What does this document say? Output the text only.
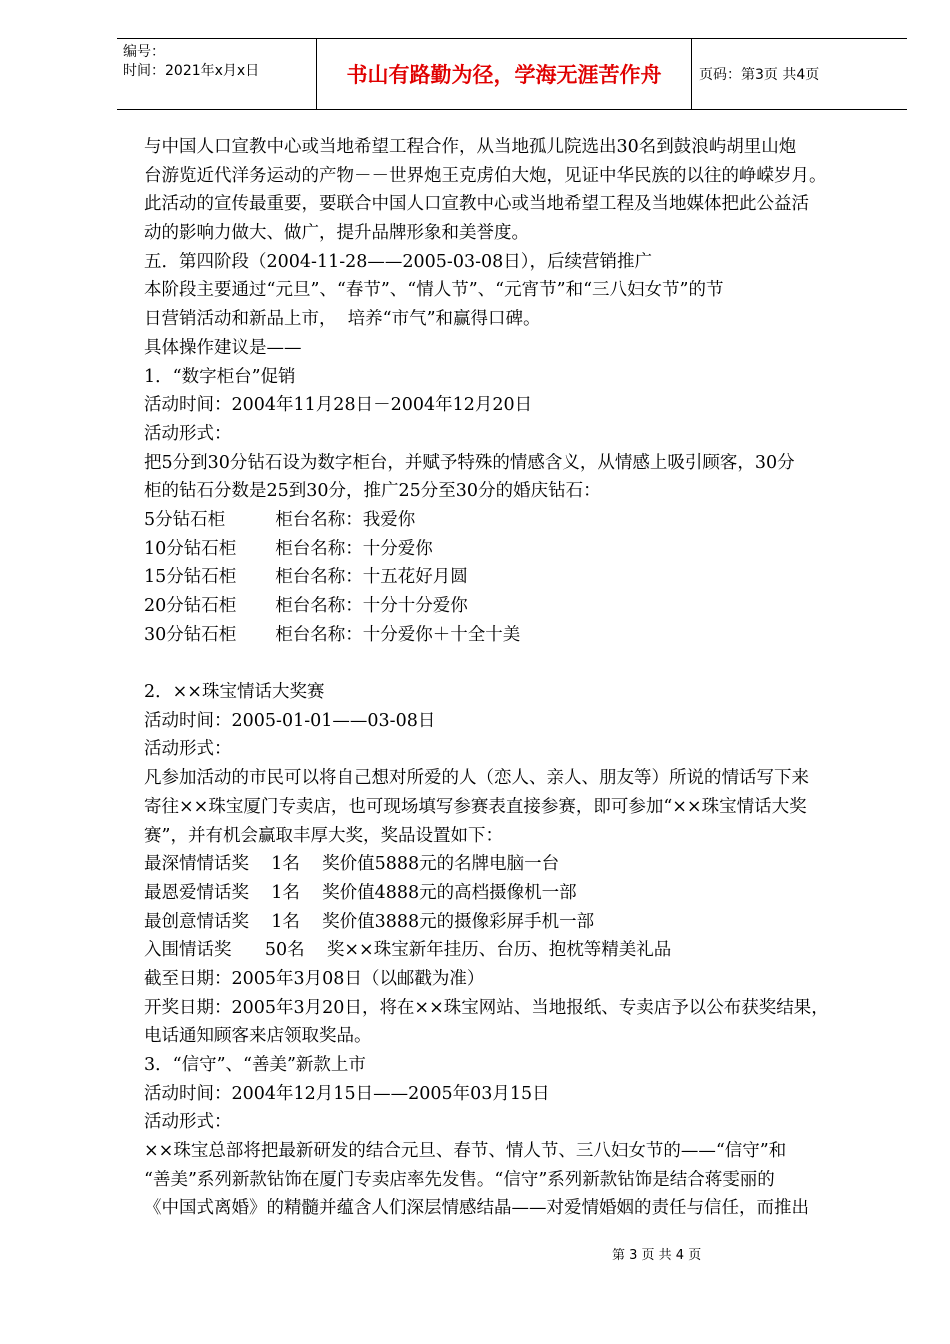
编号：
时间：2021年x月x日	书山有路勤为径，学海无涯苦作舟	页码：第3页 共4页
与中国人口宣教中心或当地希望工程合作，从当地孤儿院选出30名到鼓浪屿胡里山炮
台游览近代洋务运动的产物－－世界炮王克虏伯大炮，见证中华民族的以往的峥嵘岁月。
此活动的宣传最重要，要联合中国人口宣教中心或当地希望工程及当地媒体把此公益活
动的影响力做大、做广，提升品牌形象和美誉度。
五．第四阶段（2004-11-28——2005-03-08日），后续营销推广
本阶段主要通过“元旦”、“春节”、“情人节”、“元宵节”和“三八妇女节”的节
日营销活动和新品上市，  培养“市气”和赢得口碑。
具体操作建议是——
1．“数字柜台”促销
活动时间：2004年11月28日－2004年12月20日
活动形式：
把5分到30分钻石设为数字柜台，并赋予特殊的情感含义，从情感上吸引顾客，30分
柜的钻石分数是25到30分，推广25分至30分的婚庆钻石：
5分钻石柜         柜台名称：我爱你
10分钻石柜       柜台名称：十分爱你
15分钻石柜       柜台名称：十五花好月圆
20分钻石柜       柜台名称：十分十分爱你
30分钻石柜       柜台名称：十分爱你＋十全十美
2．××珠宝情话大奖赛
活动时间：2005-01-01——03-08日
活动形式：
凡参加活动的市民可以将自己想对所爱的人（恋人、亲人、朋友等）所说的情话写下来
寄往××珠宝厦门专卖店，也可现场填写参赛表直接参赛，即可参加“××珠宝情话大奖
赛”，并有机会赢取丰厚大奖，奖品设置如下：
最深情情话奖    1名    奖价值5888元的名牌电脑一台
最恩爱情话奖    1名    奖价值4888元的高档摄像机一部
最创意情话奖    1名    奖价值3888元的摄像彩屏手机一部
入围情话奖      50名    奖××珠宝新年挂历、台历、抱枕等精美礼品
截至日期：2005年3月08日（以邮戳为准）
开奖日期：2005年3月20日，将在××珠宝网站、当地报纸、专卖店予以公布获奖结果，
电话通知顾客来店领取奖品。
3．“信守”、“善美”新款上市
活动时间：2004年12月15日——2005年03月15日
活动形式：
××珠宝总部将把最新研发的结合元旦、春节、情人节、三八妇女节的——“信守”和
“善美”系列新款钻饰在厦门专卖店率先发售。“信守”系列新款钻饰是结合蒋雯丽的
《中国式离婚》的精髓并蕴含人们深层情感结晶——对爱情婚姻的责任与信任，而推出
第 3 页 共 4 页
